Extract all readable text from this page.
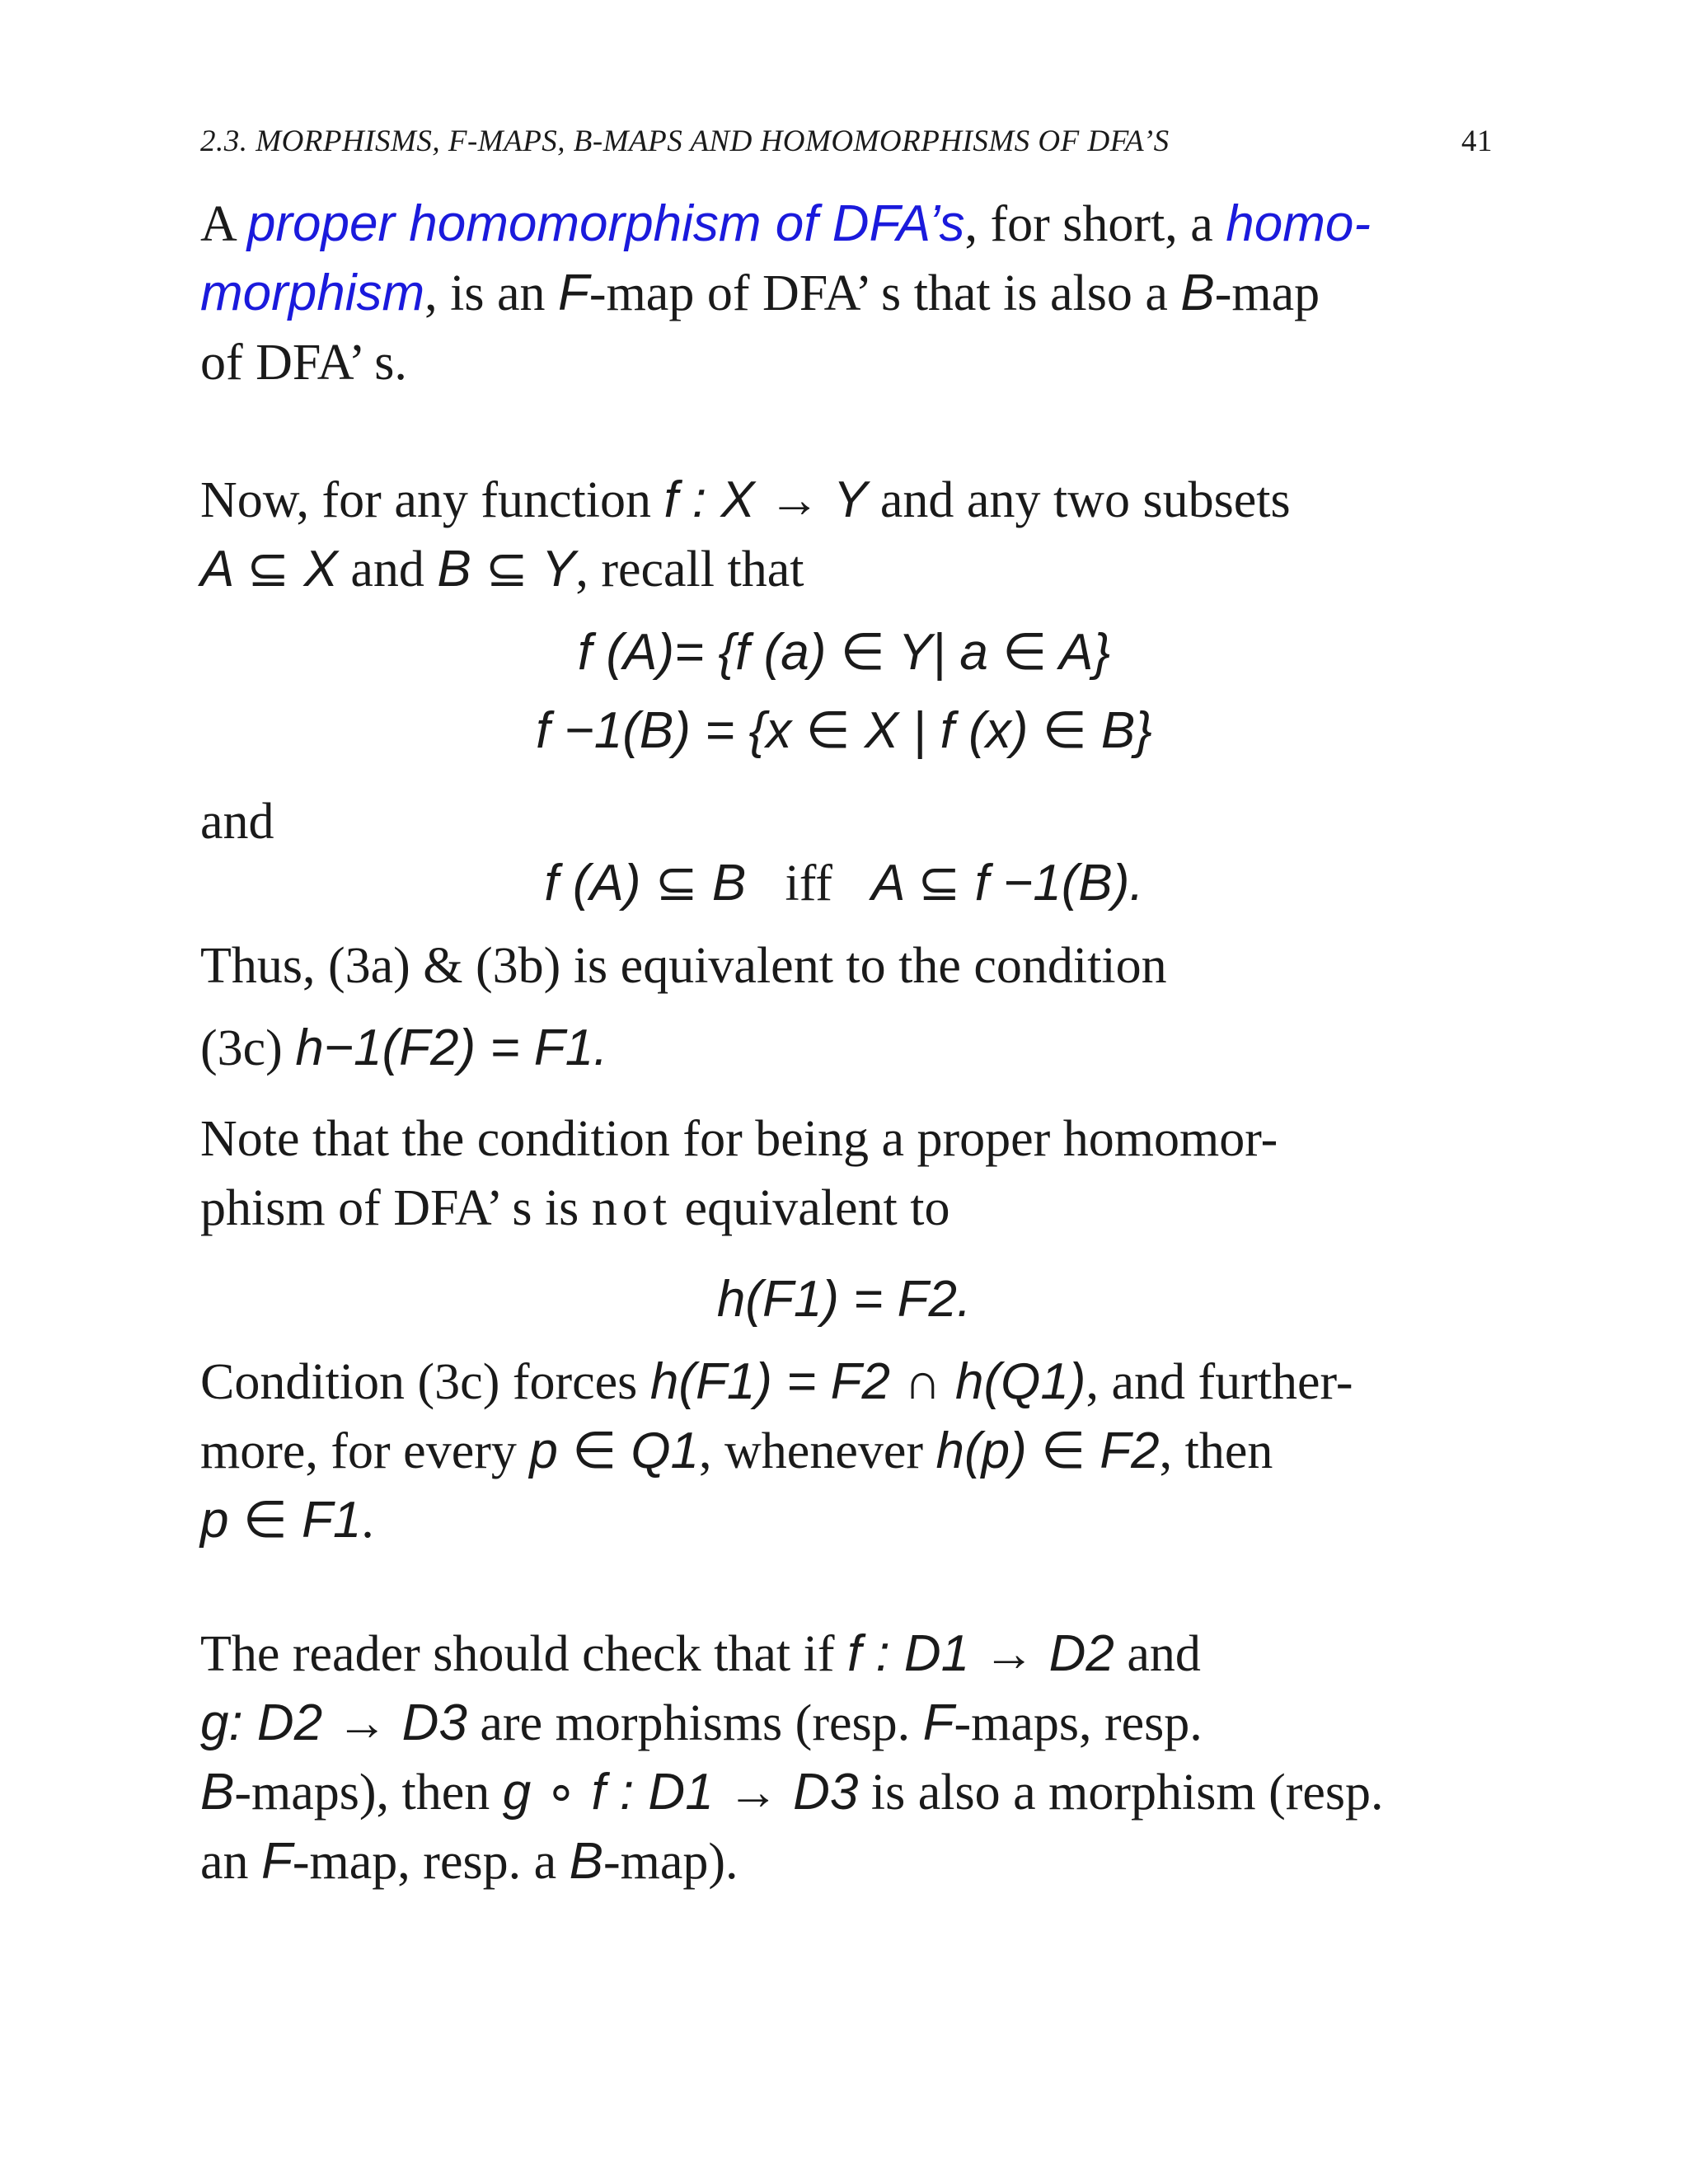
2.3. MORPHISMS, F-MAPS, B-MAPS AND HOMOMORPHISMS OF DFA’S	41
A proper homomorphism of DFA’s, for short, a homo-
morphism, is an F-map of DFA’ s that is also a B-map
of DFA’ s.
Now, for any function f : X → Y and any two subsets
A ⊆ X and B ⊆ Y, recall that
f (A)= {f (a) ∈ Y| a ∈ A}
f −1(B) = {x ∈ X | f (x) ∈ B}
and
f (A) ⊆ B iff A ⊆ f −1(B).
Thus, (3a) & (3b) is equivalent to the condition
(3c) h−1(F2) = F1.
Note that the condition for being a proper homomor-
phism of DFA’ s is not equivalent to
h(F1) = F2.
Condition (3c) forces h(F1) = F2 ∩ h(Q1), and further-
more, for every p ∈ Q1, whenever h(p) ∈ F2, then
p ∈ F1.
The reader should check that if f : D1 → D2 and
g: D2 → D3 are morphisms (resp. F-maps, resp.
B-maps), then g ∘ f : D1 → D3 is also a morphism (resp.
an F-map, resp. a B-map).
